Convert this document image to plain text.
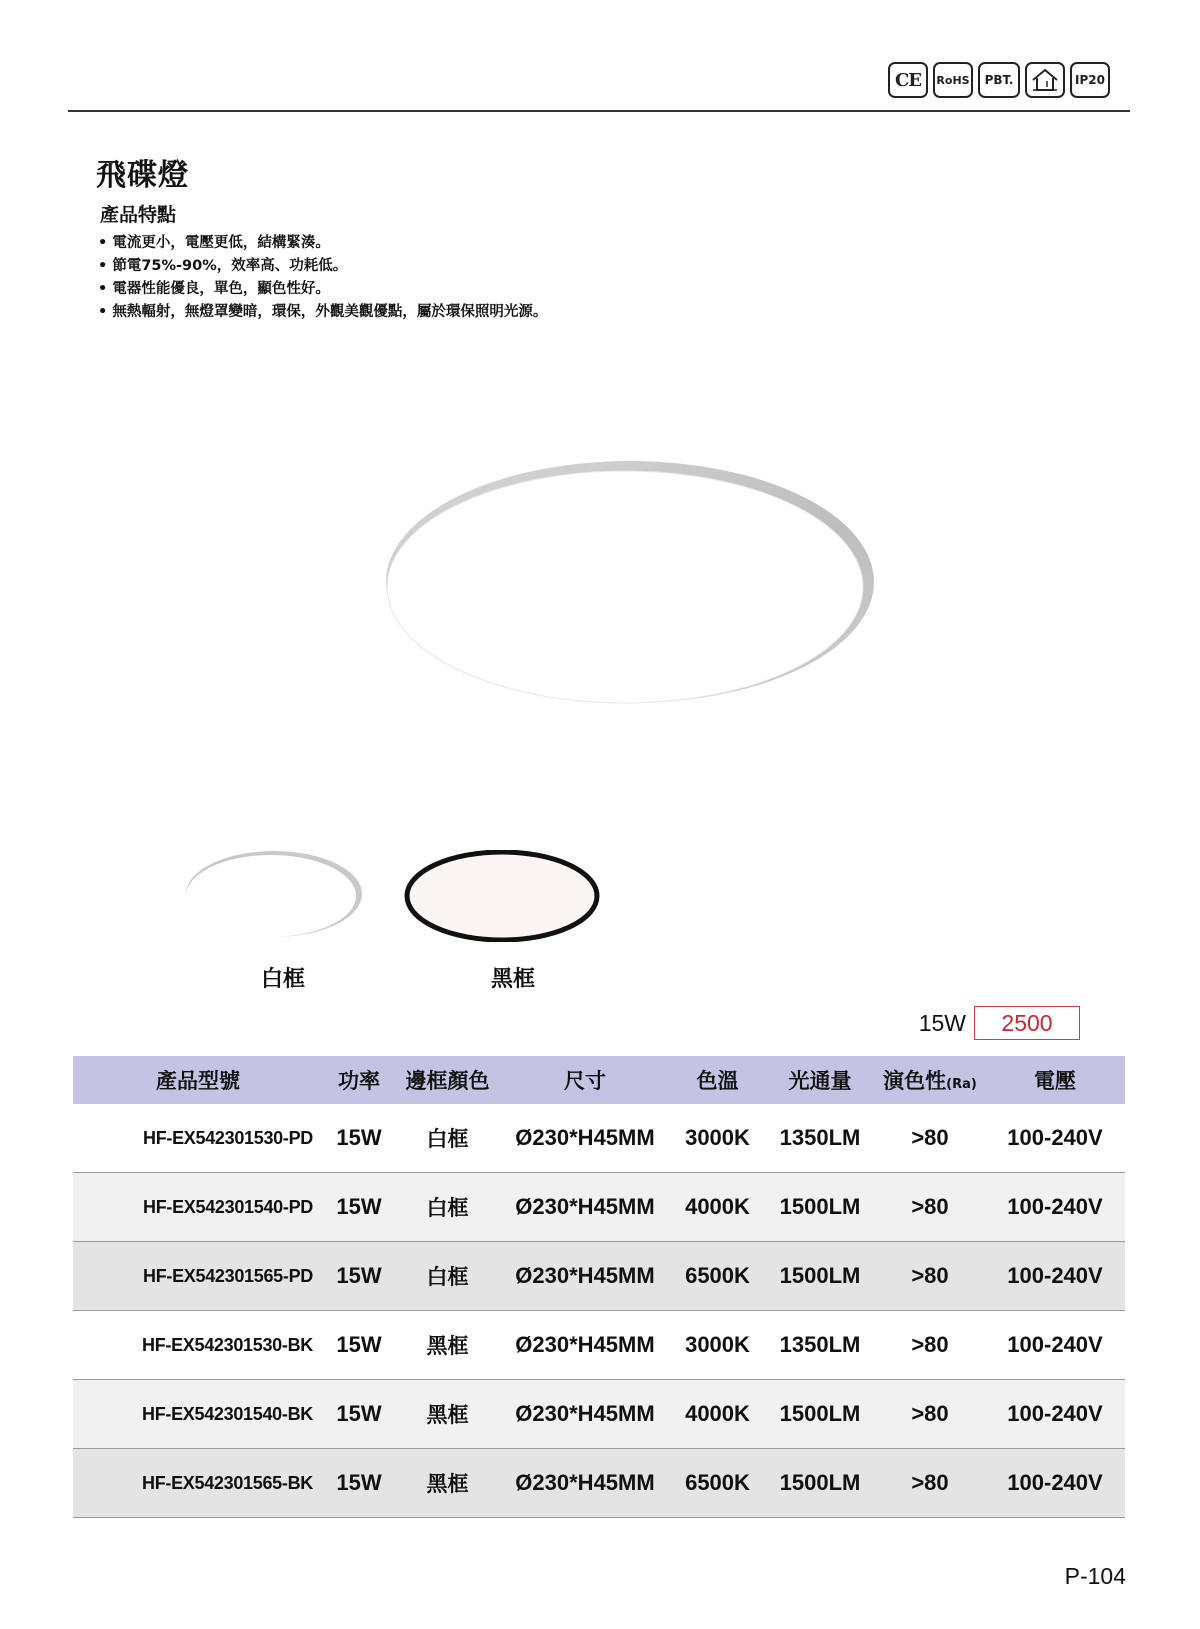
CE	RoHS	PBT.	IP20
飛碟燈
產品特點
• 電流更小，電壓更低，結構緊湊。
• 節電75%-90%，效率高、功耗低。
• 電器性能優良，單色，顯色性好。
• 無熱輻射，無燈罩變暗，環保，外觀美觀優點，屬於環保照明光源。
白框	黑框
15W	2500
產品型號	功率	邊框顏色	尺寸	色溫	光通量	演色性(Ra)	電壓
HF-EX542301530-PD	15W	白框	Ø230*H45MM	3000K	1350LM	>80	100-240V
HF-EX542301540-PD	15W	白框	Ø230*H45MM	4000K	1500LM	>80	100-240V
HF-EX542301565-PD	15W	白框	Ø230*H45MM	6500K	1500LM	>80	100-240V
HF-EX542301530-BK	15W	黑框	Ø230*H45MM	3000K	1350LM	>80	100-240V
HF-EX542301540-BK	15W	黑框	Ø230*H45MM	4000K	1500LM	>80	100-240V
HF-EX542301565-BK	15W	黑框	Ø230*H45MM	6500K	1500LM	>80	100-240V
P-104
